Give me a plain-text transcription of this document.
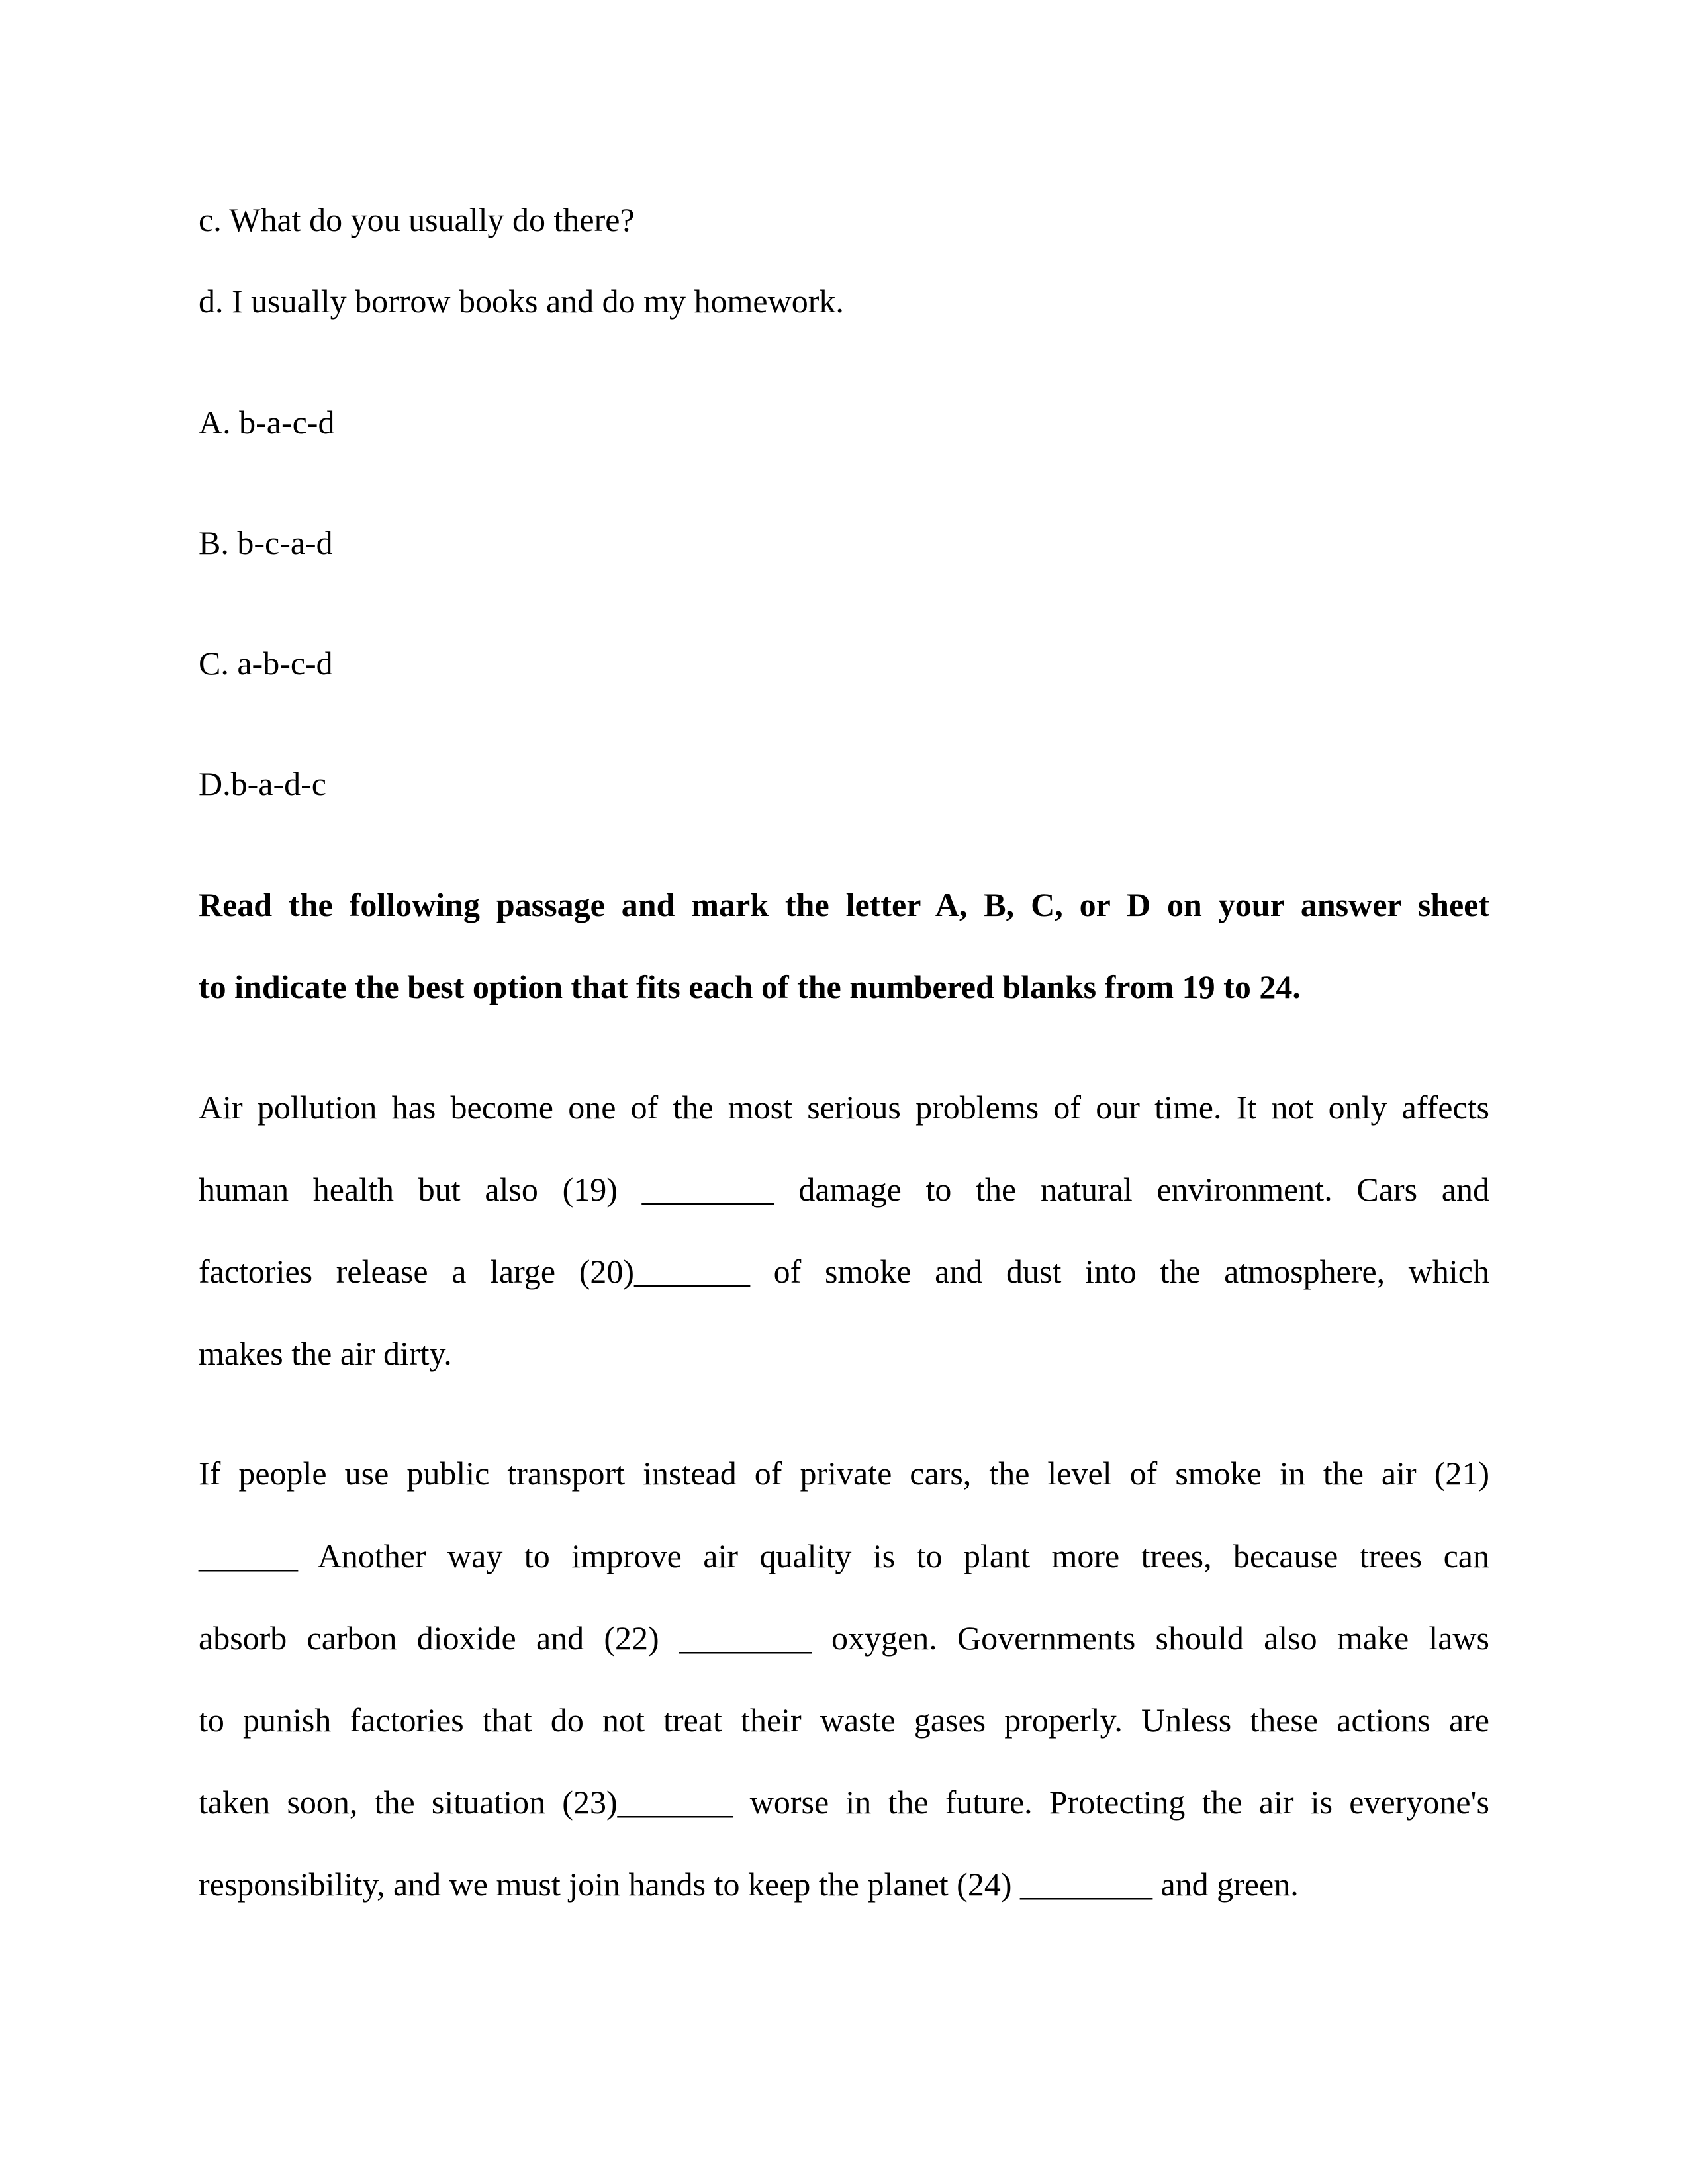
c. What do you usually do there?
d. I usually borrow books and do my homework.
A. b-a-c-d
B. b-c-a-d
C. a-b-c-d
D.b-a-d-c
Read the following passage and mark the letter A, B, C, or D on your answer sheet
to indicate the best option that fits each of the numbered blanks from 19 to 24.
Air pollution has become one of the most serious problems of our time. It not only affects
human health but also (19) ________ damage to the natural environment. Cars and
factories release a large (20)_______ of smoke and dust into the atmosphere, which
makes the air dirty.
If people use public transport instead of private cars, the level of smoke in the air (21)
______ Another way to improve air quality is to plant more trees, because trees can
absorb carbon dioxide and (22) ________ oxygen. Governments should also make laws
to punish factories that do not treat their waste gases properly. Unless these actions are
taken soon, the situation (23)_______ worse in the future. Protecting the air is everyone's
responsibility, and we must join hands to keep the planet (24) ________ and green.
